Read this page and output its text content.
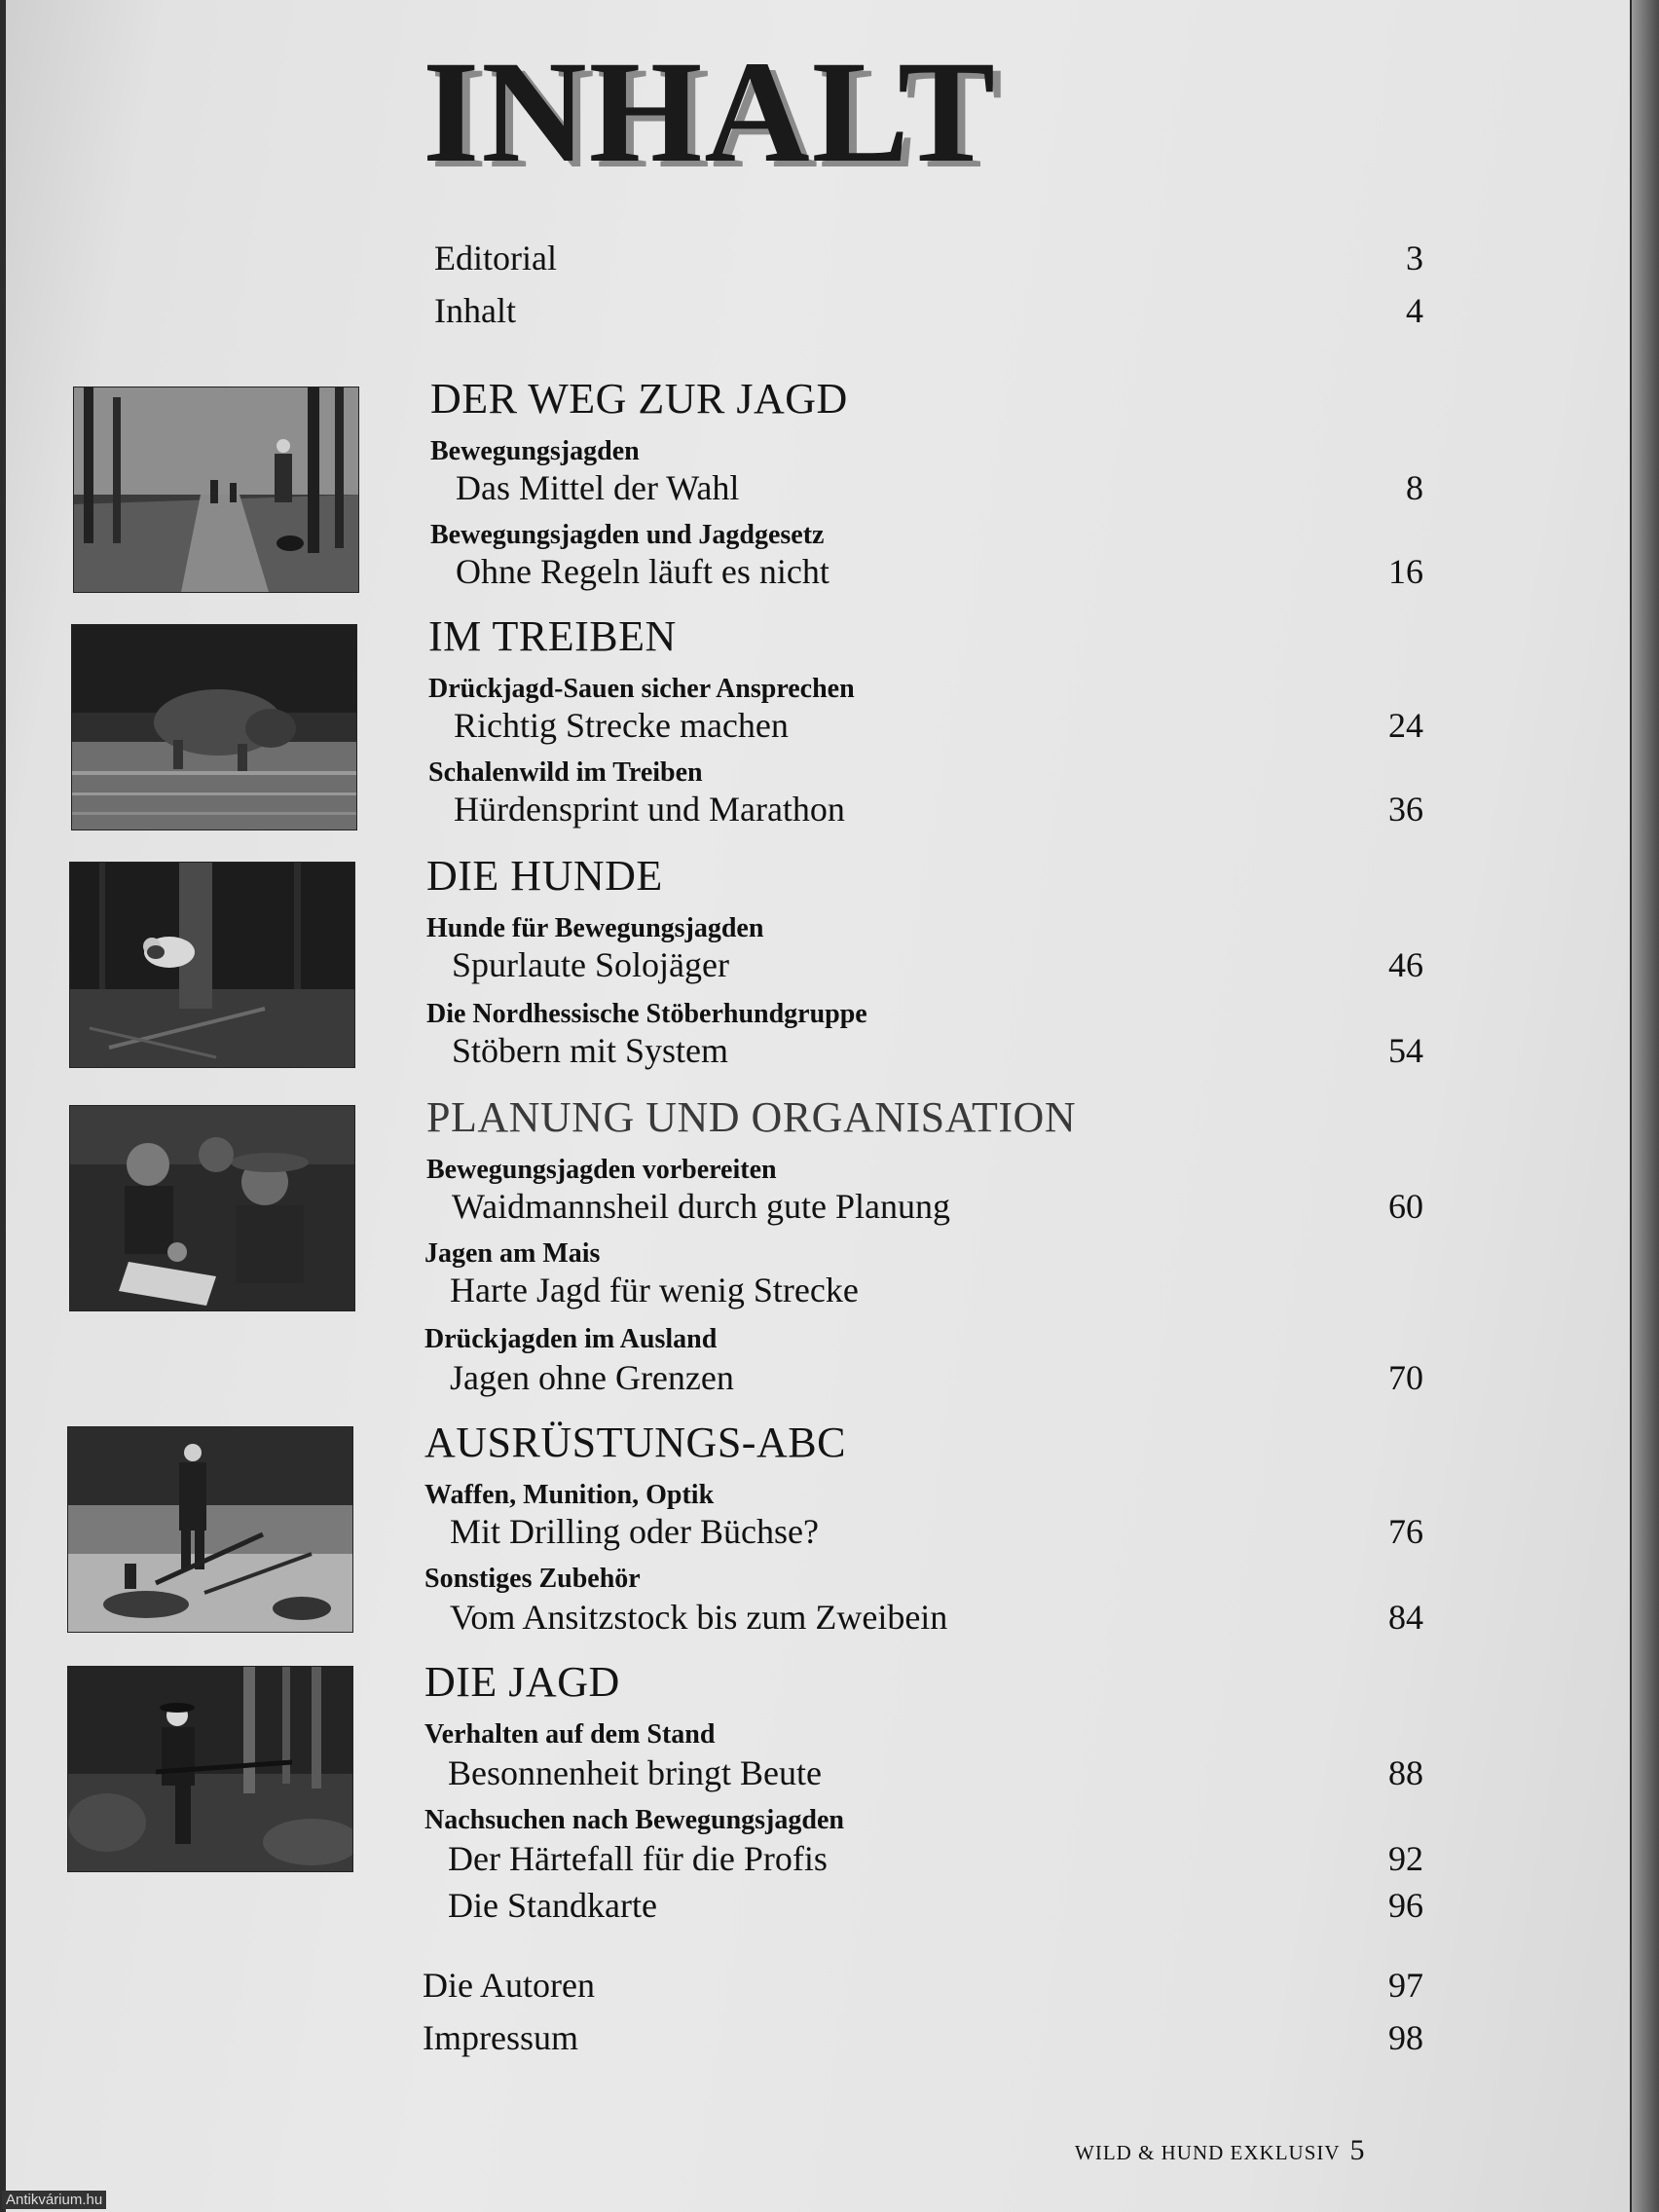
INHALT
Editorial	3
Inhalt	4
DER WEG ZUR JAGD
Bewegungsjagden
Das Mittel der Wahl	8
Bewegungsjagden und Jagdgesetz
Ohne Regeln läuft es nicht	16
IM TREIBEN
Drückjagd-Sauen sicher Ansprechen
Richtig Strecke machen	24
Schalenwild im Treiben
Hürdensprint und Marathon	36
DIE HUNDE
Hunde für Bewegungsjagden
Spurlaute Solojäger	46
Die Nordhessische Stöberhundgruppe
Stöbern mit System	54
PLANUNG UND ORGANISATION
Bewegungsjagden vorbereiten
Waidmannsheil durch gute Planung	60
Jagen am Mais
Harte Jagd für wenig Strecke
Drückjagden im Ausland
Jagen ohne Grenzen	70
AUSRÜSTUNGS-ABC
Waffen, Munition, Optik
Mit Drilling oder Büchse?	76
Sonstiges Zubehör
Vom Ansitzstock bis zum Zweibein	84
DIE JAGD
Verhalten auf dem Stand
Besonnenheit bringt Beute	88
Nachsuchen nach Bewegungsjagden
Der Härtefall für die Profis	92
Die Standkarte	96
Die Autoren	97
Impressum	98
WILD & HUND EXKLUSIV 5
Antikvárium.hu
